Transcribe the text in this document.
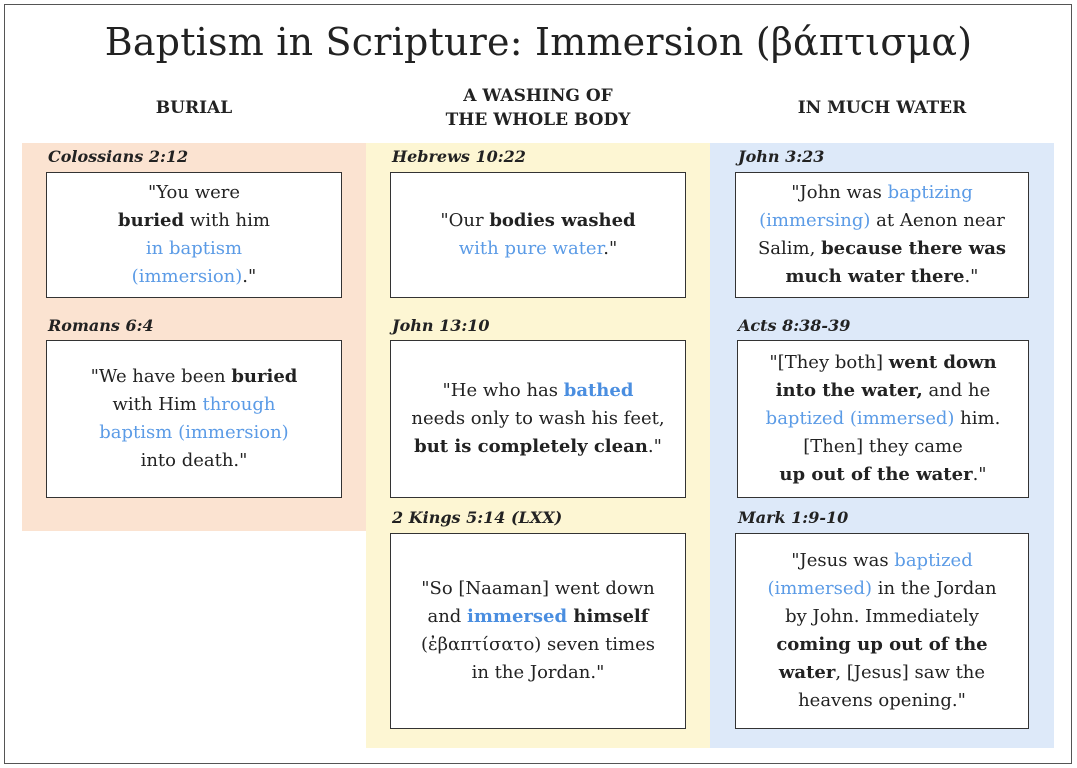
Baptism in Scripture: Immersion (βάπτισμα)
BURIAL
A WASHING OF
THE WHOLE BODY
IN MUCH WATER
Colossians 2:12
"You were
buried with him
in baptism
(immersion)."
Romans 6:4
"We have been buried
with Him through
baptism (immersion)
into death."
Hebrews 10:22
"Our bodies washed
with pure water."
John 13:10
"He who has bathed
needs only to wash his feet,
but is completely clean."
2 Kings 5:14 (LXX)
"So [Naaman] went down
and immersed himself
(ἐβαπτίσατο) seven times
in the Jordan."
John 3:23
"John was baptizing
(immersing) at Aenon near
Salim, because there was
much water there."
Acts 8:38-39
"[They both] went down
into the water, and he
baptized (immersed) him.
[Then] they came
up out of the water."
Mark 1:9-10
"Jesus was baptized
(immersed) in the Jordan
by John. Immediately
coming up out of the
water, [Jesus] saw the
heavens opening."
